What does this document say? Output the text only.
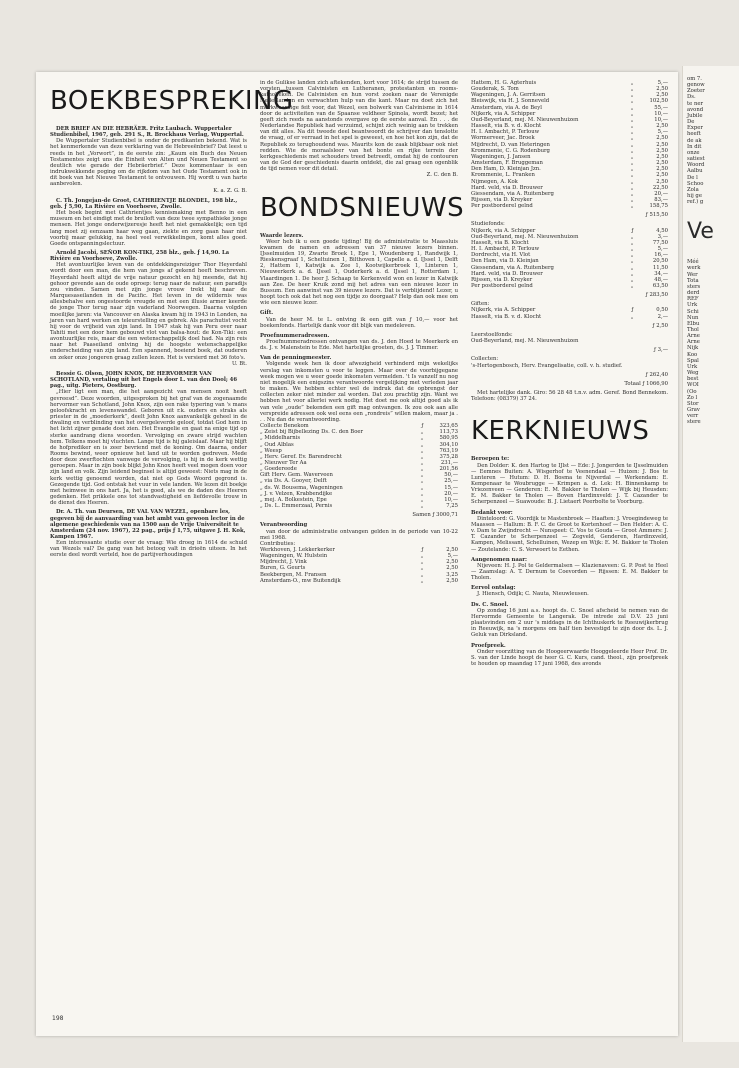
BOEKBESPREKING
DER BRIEF AN DIE HEBRÄER. Fritz Laubach. Wuppertaler Studienbibel, 1967, geb. 291 S., R. Brockhaus Verlag, Wuppertal.

De Wuppertaler Studienbibel is onder de predikanten bekend. Wat is het kenmerkende van deze verklaring van de Hebreeënbrief? Dat leest u reeds in het „Vorwort”, in de eerste zin: „Kaum ein Buch des Neuen Testamentes zeigt uns die Einheit von Alten und Neuen Testament so deutlich wie gerade der Hebräerbrief.” Deze kommentaar is een indrukwekkende poging om de rijkdom van het Oude Testament ook in dit boek van het Nieuwe Testament te ontvouwen. Hij wordt u van harte aanbevolen.

K. a. Z. G. B.
C. Th. Jongejan-de Groot, CATHRIENTJE BLONDEL, 198 blz., geb. ƒ 5,90, La Rivière en Voorhoeve, Zwolle.

Het boek begint met Cathrientjes kennismaking met Benno in een museum en het eindigt met de bruiloft van deze twee sympathieke jonge mensen. Het jonge onderwijzeresje heeft het niet gemakkelijk; een tijd lang moet zij eenzaam haar weg gaan, ziekte en zorg gaan haar niet voorbij maar gelukkig, na heel veel verwikkelingen, komt alles goed. Goede ontspanningslectuur.

Arnold Jacobi, SEÑOR KON-TIKI, 258 blz., geb. ƒ 14,90. La Rivière en Voorhoeve, Zwolle.

Het avontuurlijke leven van de ontdekkingsreiziger Thor Heyerdahl wordt door een man, die hem van jongs af gekend heeft beschreven. Heyerdahl heeft altijd de vrije natuur gezocht en hij meende, dat hij gehoor gevende aan de oude oproep: terug naar de natuur, een paradijs zou vinden. Samen met zijn jonge vrouw trekt hij naar de Marquesaseilanden in de Pacific. Het leven in de wildernis was allesbehalve een ongestoorde vreugde en met een illusie armer keerde de jonge Thor terug naar zijn vaderland Noorwegen. Daarna volgden moeilijke jaren: via Vancouver en Alaska kwam hij in 1943 in Londen, na jaren van hard werken en teleurstelling en gebrek. Als parachutist vocht hij voor de vrijheid van zijn land. In 1947 stak hij van Peru over naar Tahiti met een door hem gebouwd vlot van balsa-hout: de Kon-Tiki: een avontuurlijke reis, maar die een wetenschappelijk doel had. Na zijn reis naar het Paaseiland ontving hij de hoogste wetenschappelijke onderscheiding van zijn land. Een spannend, boeiend boek, dat ouderen en zeker onze jongeren graag zullen lezen. Het is versierd met 36 foto's.

U. Bt.
Bessie G. Olson, JOHN KNOX, DE HERVORMER VAN SCHOTLAND, vertaling uit het Engels door L. van den Dool; 46 pag., uitg. Pieters, Oostburg.

„Hier ligt een man, die het aangezicht van mensen nooit heeft gevreesd”. Deze woorden, uitgesproken bij het graf van de zogenaamde hervormer van Schotland, John Knox, zijn een rake typering van 's mans geloofskracht en levenswandel. Geboren uit r.k. ouders en straks als priester in de „moederkerk”, deelt John Knox aanvankelijk geheel in de dwaling en verblinding van het overgeleverde geloof, totdat God hem in het licht zijner genade doet zien. Het Evangelie en gaat na enige tijd op sterke aandrang diens woorden. Vervolging en zware strijd wachten hem. Telkens moet hij vluchten. Lange tijd is hij galeislaaf. Maar hij blijft de hofprediker en is zeer bevriend met de koning. Om daarna, onder Rooms bewind, weer opnieuw het land uit te worden gedreven. Mede door deze zwerftochten vanwege de vervolging, is hij in de kerk wettig geroepen. Maar in zijn boek blijkt John Knox heeft veel mogen doen voor zijn land en volk. Zijn leidend beginsel is altijd geweest: Niets mag in de kerk wettig genoemd worden, dat niet op Gods Woord gegrond is. Gezegende tijd. God ontstak het vuur in vele landen. We lezen dit boekje met heimwee in ons hart. Ja, het is goed, als we de daden des Heeren gedenken. Het prikkele ons tot standvastigheid en liefdevolle trouw in de dienst des Heeren.

Dr. A. Th. van Deursen, DE VAL VAN WEZEL, openbare les, gegeven bij de aanvaarding van het ambt van gewoon lector in de algemene geschiedenis van na 1500 aan de Vrije Universiteit te Amsterdam (24 nov. 1967), 22 pag., prijs ƒ 1,75, uitgave J. H. Kok, Kampen 1967.

Een interessante studie over de vraag: Wie droeg in 1614 de schuld van Wezels val? De gang van het betoog valt in drieën uiteen. In het eerste deel wordt verteld, hoe de partijverhoudingen

in de Gulikse landen zich aftekenden, kort voor 1614; de strijd tussen de vorsten, tussen Calvinisten en Lutheranen, protestanten en rooms-katholieken. De Calvinisten en hun vorst zoeken naar de Verenigde Nederlanden en verwachten hulp van die kant. Maar nu doet zich het merkwaardige feit voor, dat Wezel, een bolwerk van Calvinisme in 1614 door de activiteiten van de Spaanse veldheer Spinola, wordt bezet; het geeft zich reeds na aanstonds overgave op de eerste aanval. En . . . de Nederlandse Republiek had verzuimd, schijnt zich weinig aan te trekken van dit alles. Na dit tweede deel beantwoordt de schrijver dan tenslotte de vraag, of er verraad in het spel is geweest, en hoe het kon zijn, dat de Republiek zo terughoudend was. Maurits kon de zaak blijkbaar ook niet redden. Wie de moraalsleer van het bonte en rijke terrein der kerkgeschiedenis met schouders treed betreedt, omdat hij de contouren van de God der geschiedenis daarin ontdekt, die zal graag een ogenblik de tijd nemen voor dit detail.

Z. C. den B.
BONDSNIEUWS
Waarde lezers.

Weer heb ik u een goede tijding! Bij de administratie te Maassluis kwamen de namen en adressen van 37 nieuwe lezers binnen. IJsselmuiden 19, Zwarte Broek 1, Epe 1, Woudenberg 1, Randwijk 1, Rieskensgraaf 1, Scheltuinen 1, Bilthoven 1, Capelle a. d. IJssel 1, Delft 2, Hattem 1, Katwijk a. Zee 1, Kootwijkerbroek 1, Linteren 1, Nieuwerkerk a. d. IJssel 1, Ouderkerk a. d. IJssel 1, Rotterdam 1, Vlaardingen 1. De heer J. Schaap te Kerkenveld won en lezer in Katwijk aan Zee. De heer Kruik zond mij het adres van een nieuwe lezer in Bussum. Een aanwinst van 39 nieuwe lezers. Dat is verblijdend! Lezer, u hoopt toch ook dat het nog een tijdje zo doorgaat? Help dan ook mee om wie een nieuwe lezer.

Gift.

Van de heer M. te L. ontving ik een gift van ƒ 10,— voor het boekenfonds. Hartelijk dank voor dit blijk van medeleven.

Proefnummeradressen.

Proefnummeradressen ontvangen van ds. J. den Hoed te Meerkerk en ds. J. v. Malenstein te Ede. Met hartelijke groeten, ds. J. J. Timmer.

Van de penningmeester.

Volgende week hen ik door afwezigheid verhinderd mijn wekelijks verslag van inkomsten u voor te leggen. Maar over de voorbijgegane week mogen we u weer goede inkomsten vermelden. 't Is vanzelf nu nog niet mogelijk een enigszins verantwoorde vergelijking met verleden jaar te maken. We hebben echter wel de indruk dat de opbrengst der collecten zeker niet minder zal worden. Dat zou prachtig zijn. Want we hebben het voor allerlei werk nodig. Het doet me ook altijd goed als ik van vele „oude” bekenden een gift mag ontvangen. Ik zou ook aan alle verspreide adressen ook wel eens een „rondreis” willen maken, maar ja . . . Nu dan de verantwoording.

Collecte Benekom	ƒ	323,65
„ Zeist bij Bijbellezing Ds. C. den Boer	„	113,73
„ Middelharnis	„	580,95
„ Oud Alblas	„	304,10
„ Weesp	„	763,19
„ Herv. Geref. Ev. Barendrecht	„	375,28
„ Nieuwer Ter Aa	„	231,—
„ Goedereede	„	201,56
Gift Herv. Gem. Waverveen	„	50,—
„ via Ds. A. Gooyer, Delft	„	25,—
„ ds. W. Bousema, Wageningen	„	15,—
„ J. v. Velzen, Krabbendijke	„	20,—
„ mej. A. Bolkestein, Epe	„	10,—
„ Ds. L. Emmerzaal, Pernis	„	7,25
Samen ƒ 3000,71
Verantwoording

van door de administratie ontvangen gelden in de periode van 10-22 mei 1968.

Contributies:
Werkhoven, J. Lekkerkerker	ƒ	2,50
Wageningen, W. Hulstein	„	5,—
Mijdrecht, J. Vink	„	2,50
Buren, G. Geurts	„	2,50
Beekbergen, M. Fransen	„	3,25
Amsterdam-O., mw Buitendijk	„	2,50
Hattem, H. G. Agterhuis	„	5,—
Gouderak, S. Tom	„	2,50
Wageningen, J. A. Gerritsen	„	2,50
Bleiswijk, via H. J. Sonneveld	„	102,50
Amsterdam, via A. de Beyl	„	55,—
Nijkerk, via A. Schipper	„	10,—
Oud-Beyerland, mej. M. Nieuwenhuizen	„	10,—
Hasselt, via B. v. d. Klocht	„	2,50
H. I. Ambacht, P. Terlouw	„	5,—
Wormerveer, Jac. Broek	„	2,50
Mijdrecht, D. van Heteringen	„	2,50
Krommenie, C. G. Rodenburg	„	2,50
Wageningen, J. Jansen	„	2,50
Amsterdam, F. Bruggeman	„	2,50
Den Ham, D. Kleinjan Jzn.	„	2,50
Krommenie, L. Franken	„	2,50
Nijmegen, A. Kok	„	2,50
Hard. veld, via D. Brouwer	„	22,50
Giessendam, via A. Ruitenberg	„	20,—
Rijssen, via D. Kreyker	„	83,—
Per postborderel gelnd	„	158,75
ƒ 515,50
Studiefonds:
Nijkerk, via A. Schipper	ƒ	4,50
Oud-Beyerland, mej. M. Nieuwenhuizen	„	3,—
Hasselt, via B. Klocht	„	77,50
H. I. Ambacht, P. Terlouw	„	5,—
Dordrecht, via H. Vlot	„	16,—
Den Ham, via D. Kleinjan	„	20,50
Giessendam, via A. Ruitenberg	„	11,50
Hard. veld, via D. Brouwer	„	34,—
Rijssen, via D. Kreyker	„	48,—
Per postborderel gelnd	„	63,50
ƒ 283,50
Giften:
Nijkerk, via A. Schipper	ƒ	0,50
Hasselt, via B. v. d. Klocht	„	2,—
ƒ 2,50
Leerstoelfonds:
Oud-Beyerland, mej. M. Nieuwenhuizen		
ƒ 3,—
Collecten:
's-Hertogenbosch, Herv. Evangelisatie, coll. v. h. studief.		
ƒ 262,40
Totaal ƒ 1066,90

Met hartelijke dank. Giro: 56 28 48 t.n.v. adm. Geref. Bond Bennekom. Telefoon: (08379) 37 24.

KERKNIEUWS
Beroepen te:

Den Dolder: K. den Hartog te IJlst — Ede: J. Jongerden te IJsselmuiden — Eemnes Buiten: A. Wisgerhof te Veenendaal — Huizen: J. Bos te Lunteren — Hutum: D. H. Bosma te Nijverdal — Werkendam: E. Kempenaar te Woubrugge — Krimpen a. d. Lek: H. Binnenkamp te Vriezenveen — Genderen: E. M. Bakker te Tholen — Wijk bij Heusden: E. M. Bakker te Tholen — Boven Hardinxveld: J. T. Cazander te Scherpenzeel — Suawoude: B. J. Lietaert Peerbolte te Voorburg.

Bedankt voor:

Dinteloord: G. Voordijk te Mastenbroek — Haaften: J. Vroegindeweg te Maassen — Hallum: B. F. C. de Groot te Kortenhoef — Den Helder: A. C. v. Dam te Zwijndrecht — Nunspeet: C. Vos te Gouda — Groot Ammers: J. T. Cazander te Scherpenzeel — Zegveld, Genderen, Hardinxveld, Kampen, Melissant, Schelluinen, Wezep en Wijk: E. M. Bakker te Tholen — Zoutelande: C. S. Verwoert te Eethen.

Aangenomen naar:

Nijeveen: H. J. Pol te Geldermalsen — Klazienaveen: G. P. Post te Heel — Zaamslag: A. T. Dernum te Coevorden — Rijssen: E. M. Bakker te Tholen.

Eervol ontslag:

J. Hiensch, Odijk; C. Nauta, Nieuwleusen.

Ds. C. Snoel.

Op zondag 16 juni a.s. hoopt ds. C. Snoel afscheid te nemen van de Hervormde Gemeente te Langerak. De intrede zal D.V. 23 juni plaatsvinden om 2 uur 's middags in de Ichthuskerk te Reeuwijkerbrug in Reeuwijk, na 's morgens om half tien bevestigd te zijn door ds. L. J. Geluk van Dirksland.

Proefpreek.

Onder voorzitting van de Hoogeerwaarde Hooggeleerde Heer Prof. Dr. S. van der Linde hoopt de heer G. C. Kurs, cand. theol., zijn proefpreek te houden op maandag 17 juni 1968, des avonds

198
om 7.
genow
Zoeter
Ds.
te ner
avond
Jubile
De
Exper
heeft
de ak
In dit
onze
satiest
Woord
Aalbu
De l
Schoo
Zola
hij ge
ref.) g
Ve
Méé
werk
Wer
Tota
sters
derd
REF
Urk
Schi
Nun
Elbu
Thol
Arne
Arne
Nijk
Koo
Spal
Urk
Weg
best
WOI
(Oo
Zo l
Stor
Grav
verr
stere
